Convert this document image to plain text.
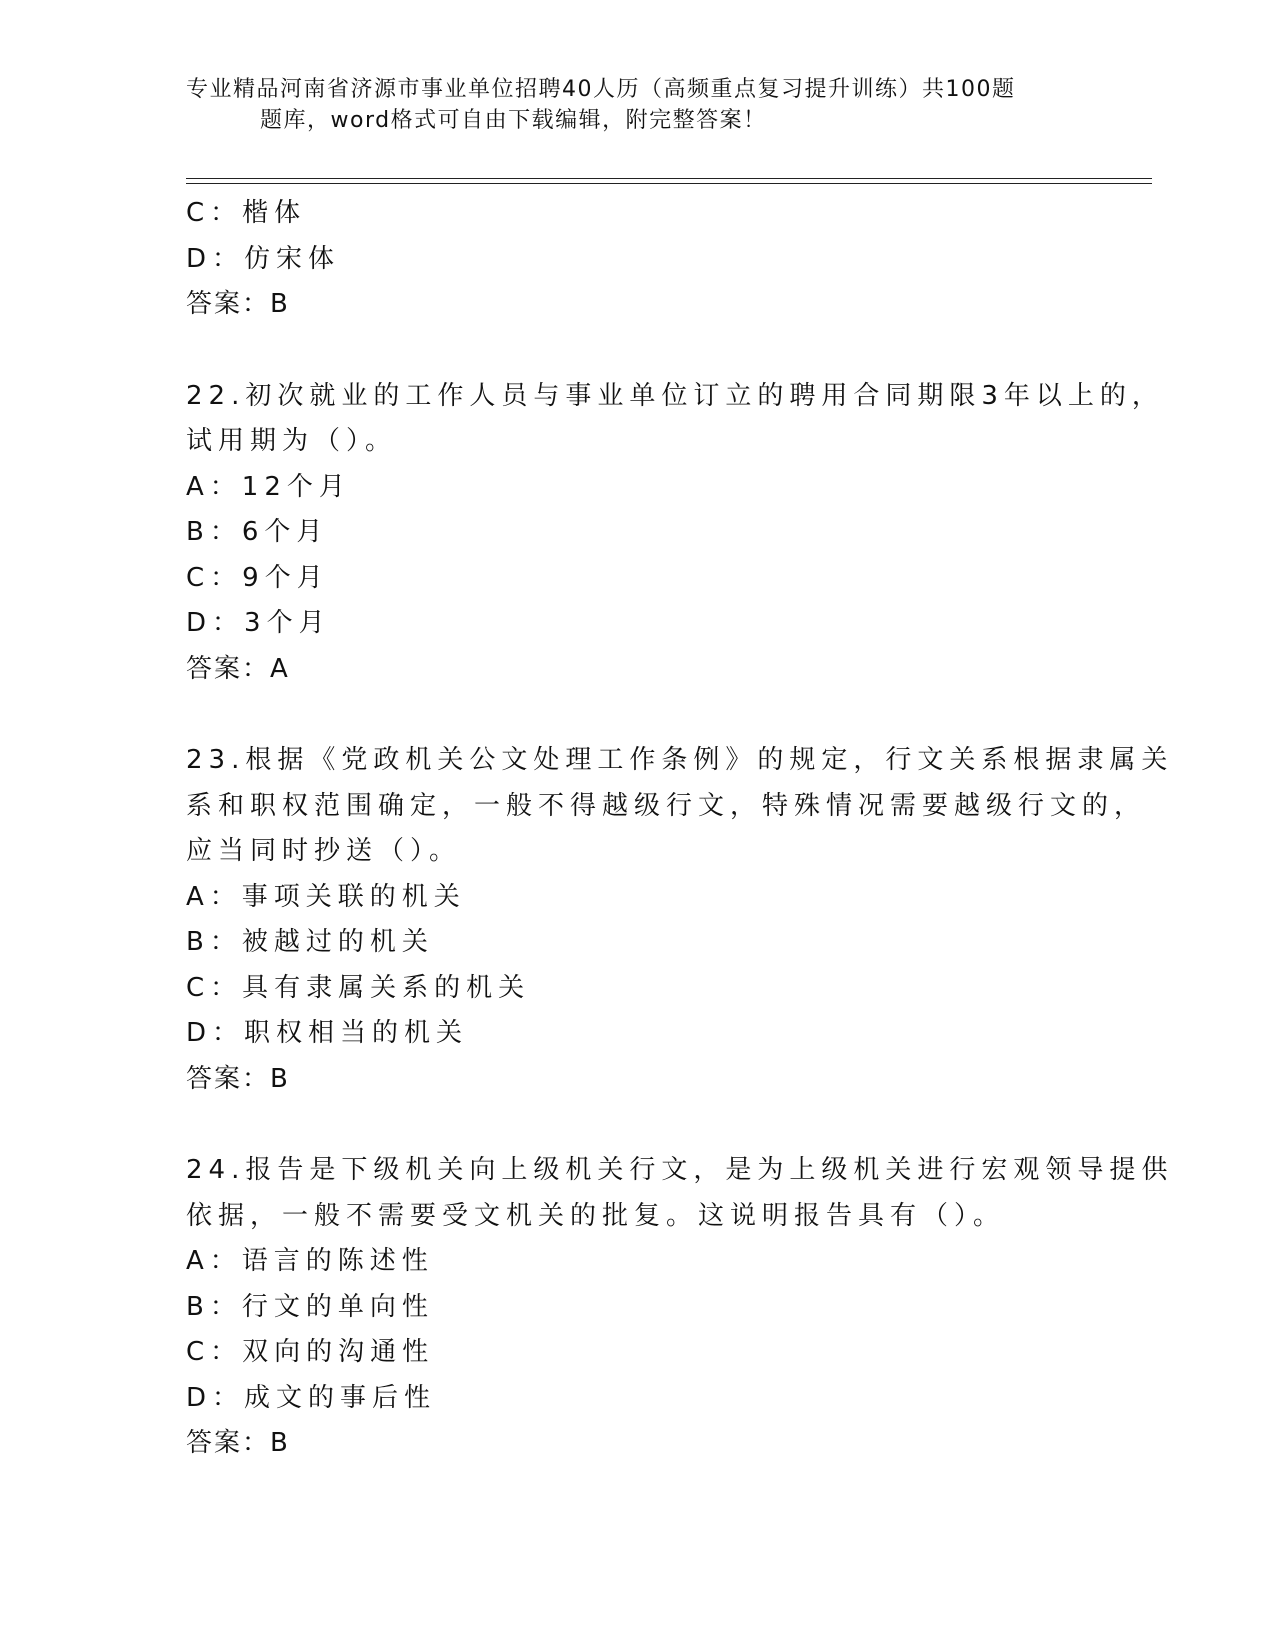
专业精品河南省济源市事业单位招聘40人历（高频重点复习提升训练）共100题
题库，word格式可自由下载编辑，附完整答案！
C：楷体
D：仿宋体
答案：B
22.初次就业的工作人员与事业单位订立的聘用合同期限3年以上的，
试用期为（）。
A：12个月
B：6个月
C：9个月
D：3个月
答案：A
23.根据《党政机关公文处理工作条例》的规定，行文关系根据隶属关
系和职权范围确定，一般不得越级行文，特殊情况需要越级行文的，
应当同时抄送（）。
A：事项关联的机关
B：被越过的机关
C：具有隶属关系的机关
D：职权相当的机关
答案：B
24.报告是下级机关向上级机关行文，是为上级机关进行宏观领导提供
依据，一般不需要受文机关的批复。这说明报告具有（）。
A：语言的陈述性
B：行文的单向性
C：双向的沟通性
D：成文的事后性
答案：B
